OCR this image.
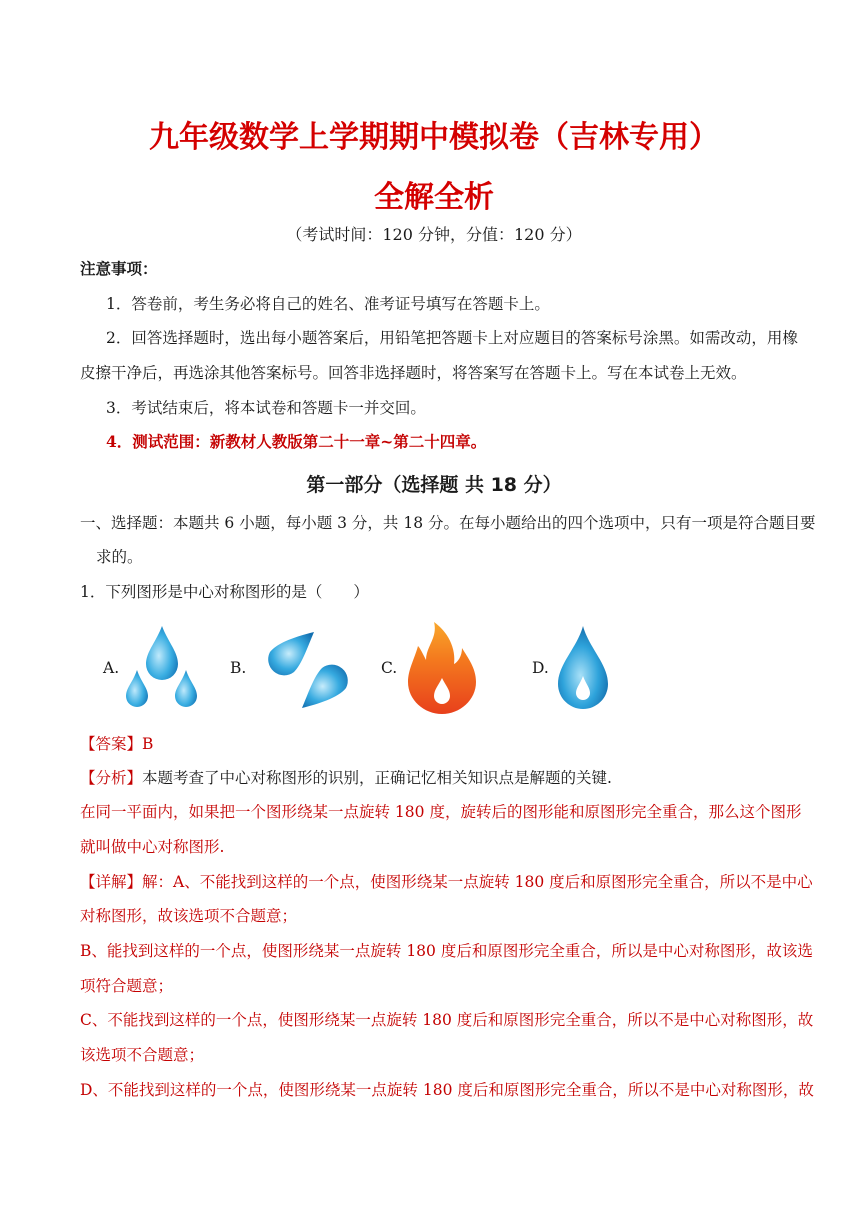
九年级数学上学期期中模拟卷（吉林专用）
全解全析
（考试时间：120 分钟，分值：120 分）
注意事项：
1．答卷前，考生务必将自己的姓名、准考证号填写在答题卡上。
2．回答选择题时，选出每小题答案后，用铅笔把答题卡上对应题目的答案标号涂黑。如需改动，用橡
皮擦干净后，再选涂其他答案标号。回答非选择题时，将答案写在答题卡上。写在本试卷上无效。
3．考试结束后，将本试卷和答题卡一并交回。
4．测试范围：新教材人教版第二十一章~第二十四章。
第一部分（选择题 共 18 分）
一、选择题：本题共 6 小题，每小题 3 分，共 18 分。在每小题给出的四个选项中，只有一项是符合题目要
求的。
1．下列图形是中心对称图形的是（　　）
A.	B.	C.	D.
【答案】B
【分析】本题考查了中心对称图形的识别，正确记忆相关知识点是解题的关键.
在同一平面内，如果把一个图形绕某一点旋转 180 度，旋转后的图形能和原图形完全重合，那么这个图形
就叫做中心对称图形.
【详解】解：A、不能找到这样的一个点，使图形绕某一点旋转 180 度后和原图形完全重合，所以不是中心
对称图形，故该选项不合题意；
B、能找到这样的一个点，使图形绕某一点旋转 180 度后和原图形完全重合，所以是中心对称图形，故该选
项符合题意；
C、不能找到这样的一个点，使图形绕某一点旋转 180 度后和原图形完全重合，所以不是中心对称图形，故
该选项不合题意；
D、不能找到这样的一个点，使图形绕某一点旋转 180 度后和原图形完全重合，所以不是中心对称图形，故
